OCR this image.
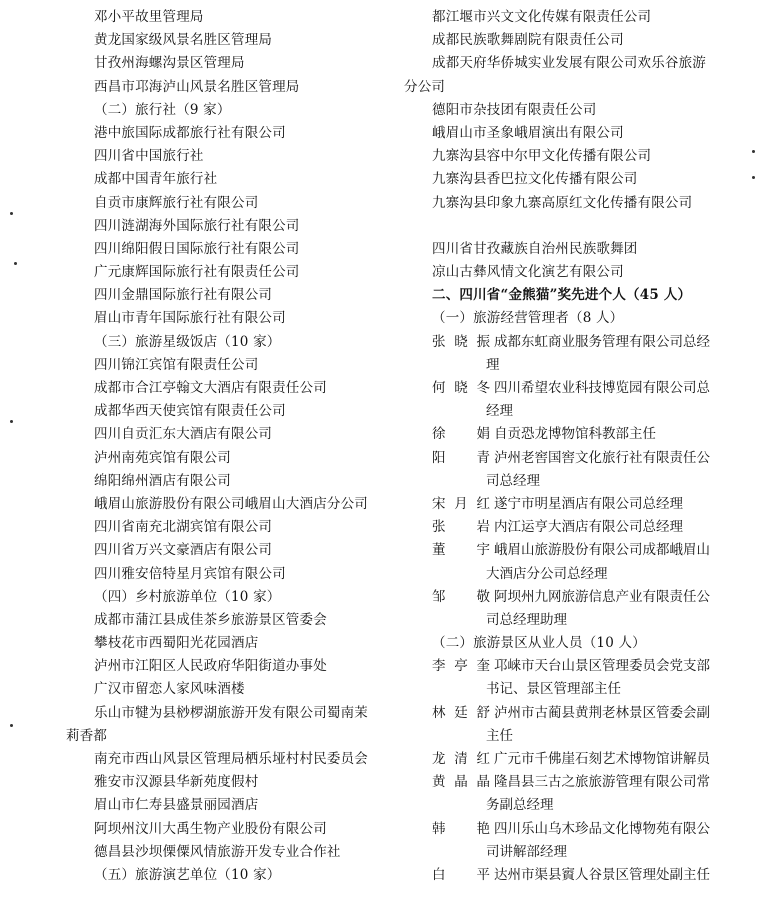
邓小平故里管理局
黄龙国家级风景名胜区管理局
甘孜州海螺沟景区管理局
西昌市邛海泸山风景名胜区管理局
（二）旅行社（9 家）
港中旅国际成都旅行社有限公司
四川省中国旅行社
成都中国青年旅行社
自贡市康辉旅行社有限公司
四川涟湖海外国际旅行社有限公司
四川绵阳假日国际旅行社有限公司
广元康辉国际旅行社有限责任公司
四川金鼎国际旅行社有限公司
眉山市青年国际旅行社有限公司
（三）旅游星级饭店（10 家）
四川锦江宾馆有限责任公司
成都市合江亭翰文大酒店有限责任公司
成都华西天使宾馆有限责任公司
四川自贡汇东大酒店有限公司
泸州南苑宾馆有限公司
绵阳绵州酒店有限公司
峨眉山旅游股份有限公司峨眉山大酒店分公司
四川省南充北湖宾馆有限公司
四川省万兴文豪酒店有限公司
四川雅安倍特星月宾馆有限公司
（四）乡村旅游单位（10 家）
成都市蒲江县成佳茶乡旅游景区管委会
攀枝花市西蜀阳光花园酒店
泸州市江阳区人民政府华阳街道办事处
广汉市留恋人家风味酒楼
乐山市犍为县桫椤湖旅游开发有限公司蜀南茉
莉香都
南充市西山风景区管理局栖乐垭村村民委员会
雅安市汉源县华新苑度假村
眉山市仁寿县盛景丽园酒店
阿坝州汶川大禹生物产业股份有限公司
德昌县沙坝傈僳风情旅游开发专业合作社
（五）旅游演艺单位（10 家）
都江堰市兴文文化传媒有限责任公司
成都民族歌舞剧院有限责任公司
成都天府华侨城实业发展有限公司欢乐谷旅游
分公司
德阳市杂技团有限责任公司
峨眉山市圣象峨眉演出有限公司
九寨沟县容中尔甲文化传播有限公司
九寨沟县香巴拉文化传播有限公司
九寨沟县印象九寨高原红文化传播有限公司
四川省甘孜藏族自治州民族歌舞团
凉山古彝风情文化演艺有限公司
二、四川省“金熊猫”奖先进个人（45 人）
（一）旅游经营管理者（8 人）
张晓振 成都东虹商业服务管理有限公司总经
理
何晓冬 四川希望农业科技博览园有限公司总
经理
徐娟 自贡恐龙博物馆科教部主任
阳青 泸州老窖国窖文化旅行社有限责任公
司总经理
宋月红 遂宁市明星酒店有限公司总经理
张岩 内江运亨大酒店有限公司总经理
董宇 峨眉山旅游股份有限公司成都峨眉山
大酒店分公司总经理
邹敬 阿坝州九网旅游信息产业有限责任公
司总经理助理
（二）旅游景区从业人员（10 人）
李亭奎 邛崃市天台山景区管理委员会党支部
书记、景区管理部主任
林廷舒 泸州市古蔺县黄荆老林景区管委会副
主任
龙清红 广元市千佛崖石刻艺术博物馆讲解员
黄晶晶 隆昌县三古之旅旅游管理有限公司常
务副总经理
韩艳 四川乐山乌木珍品文化博物苑有限公
司讲解部经理
白平 达州市渠县賨人谷景区管理处副主任
